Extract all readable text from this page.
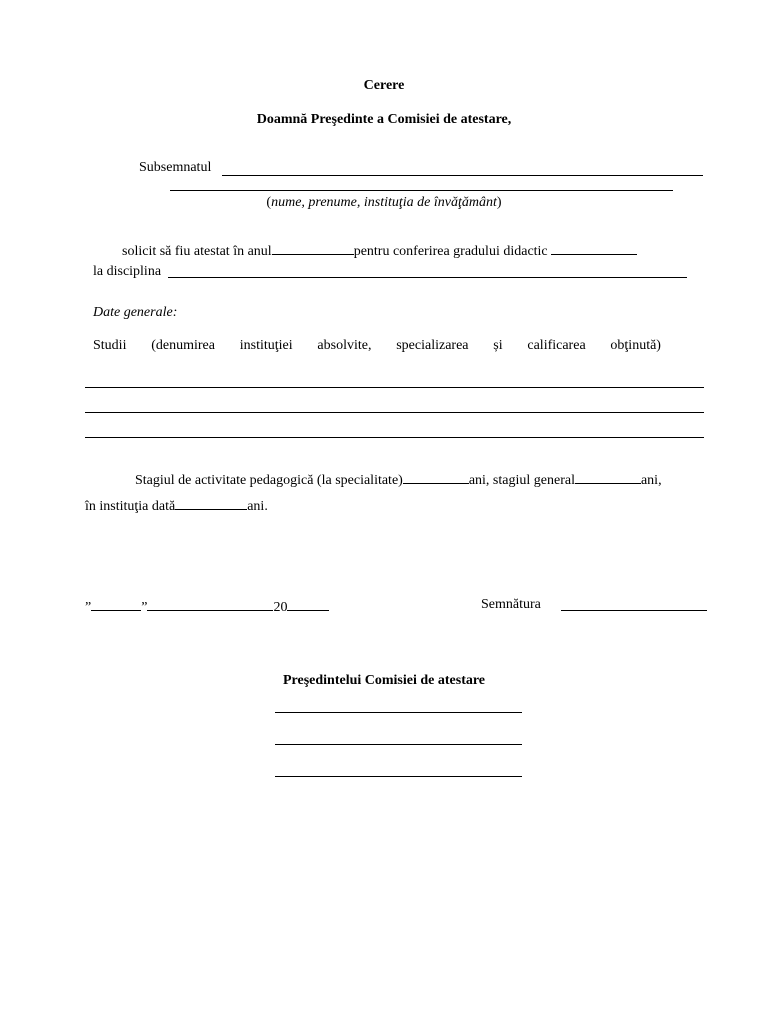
Cerere
Doamnă Preşedinte a Comisiei de atestare,
Subsemnatul
(nume, prenume, instituţia de învăţământ)
solicit să fiu atestat în anul	pentru conferirea gradului didactic
la disciplina
Date generale:
Studii (denumirea instituţiei absolvite, specializarea și calificarea obţinută)
Stagiul de activitate pedagogică (la specialitate)	ani, stagiul general	ani,
în instituţia dată	ani.
”	”	20	Semnătura
Preşedintelui Comisiei de atestare
